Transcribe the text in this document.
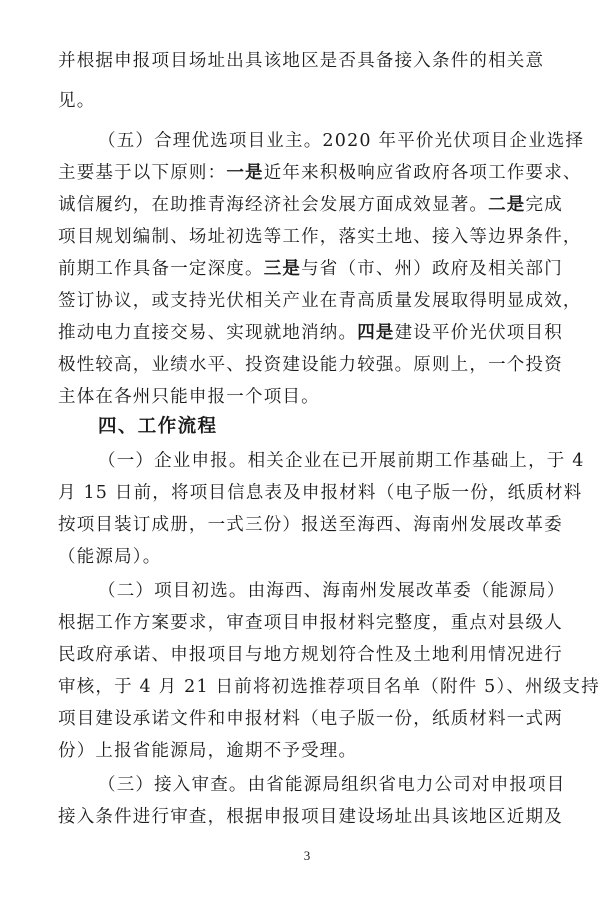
并根据申报项目场址出具该地区是否具备接入条件的相关意
见。
（五）合理优选项目业主。2020 年平价光伏项目企业选择
主要基于以下原则：一是近年来积极响应省政府各项工作要求、
诚信履约，在助推青海经济社会发展方面成效显著。二是完成
项目规划编制、场址初选等工作，落实土地、接入等边界条件，
前期工作具备一定深度。三是与省（市、州）政府及相关部门
签订协议，或支持光伏相关产业在青高质量发展取得明显成效，
推动电力直接交易、实现就地消纳。四是建设平价光伏项目积
极性较高，业绩水平、投资建设能力较强。原则上，一个投资
主体在各州只能申报一个项目。
四、工作流程
（一）企业申报。相关企业在已开展前期工作基础上，于 4
月 15 日前，将项目信息表及申报材料（电子版一份，纸质材料
按项目装订成册，一式三份）报送至海西、海南州发展改革委
（能源局）。
（二）项目初选。由海西、海南州发展改革委（能源局）
根据工作方案要求，审查项目申报材料完整度，重点对县级人
民政府承诺、申报项目与地方规划符合性及土地利用情况进行
审核，于 4 月 21 日前将初选推荐项目名单（附件 5）、州级支持
项目建设承诺文件和申报材料（电子版一份，纸质材料一式两
份）上报省能源局，逾期不予受理。
（三）接入审查。由省能源局组织省电力公司对申报项目
接入条件进行审查，根据申报项目建设场址出具该地区近期及
3
